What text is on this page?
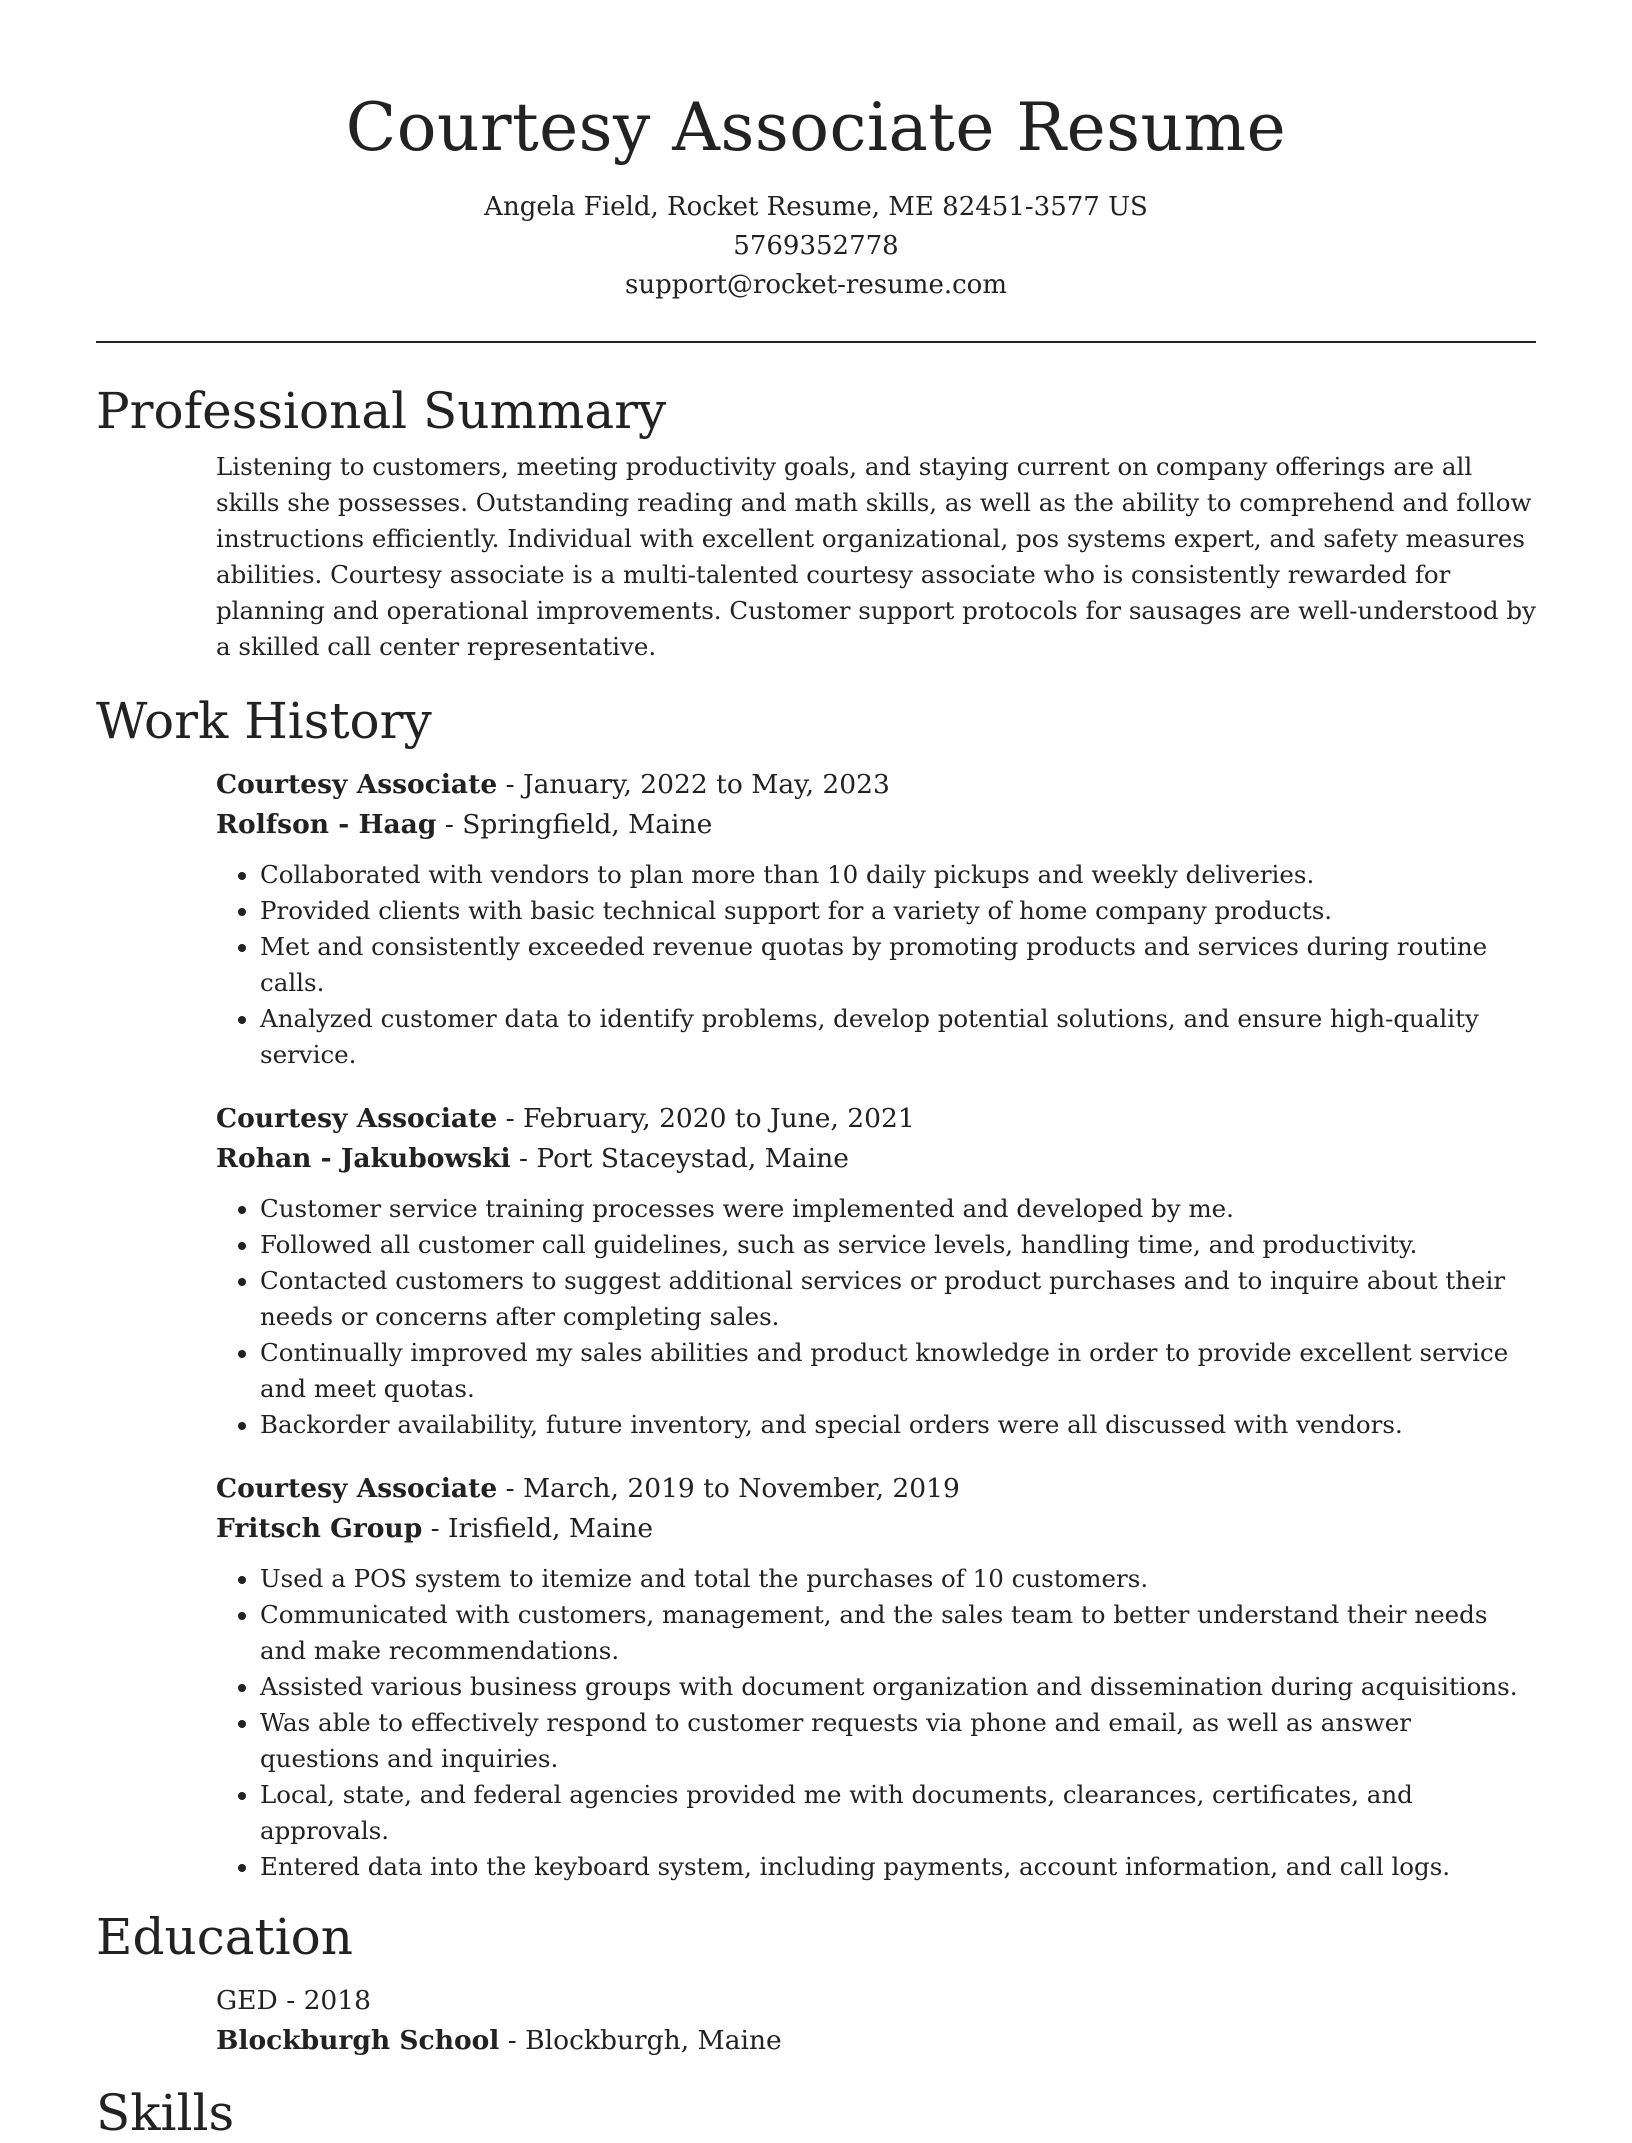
Courtesy Associate Resume
Angela Field, Rocket Resume, ME 82451-3577 US
5769352778
support@rocket-resume.com
Professional Summary

Listening to customers, meeting productivity goals, and staying current on company offerings are all skills she possesses. Outstanding reading and math skills, as well as the ability to comprehend and follow instructions efficiently. Individual with excellent organizational, pos systems expert, and safety measures abilities. Courtesy associate is a multi-talented courtesy associate who is consistently rewarded for planning and operational improvements. Customer support protocols for sausages are well-understood by a skilled call center representative.

Work History
Courtesy Associate - January, 2022 to May, 2023
Rolfson - Haag - Springfield, Maine
• Collaborated with vendors to plan more than 10 daily pickups and weekly deliveries.
• Provided clients with basic technical support for a variety of home company products.
• Met and consistently exceeded revenue quotas by promoting products and services during routine calls.
• Analyzed customer data to identify problems, develop potential solutions, and ensure high-quality service.
Courtesy Associate - February, 2020 to June, 2021
Rohan - Jakubowski - Port Staceystad, Maine
• Customer service training processes were implemented and developed by me.
• Followed all customer call guidelines, such as service levels, handling time, and productivity.
• Contacted customers to suggest additional services or product purchases and to inquire about their needs or concerns after completing sales.
• Continually improved my sales abilities and product knowledge in order to provide excellent service and meet quotas.
• Backorder availability, future inventory, and special orders were all discussed with vendors.
Courtesy Associate - March, 2019 to November, 2019
Fritsch Group - Irisfield, Maine
• Used a POS system to itemize and total the purchases of 10 customers.
• Communicated with customers, management, and the sales team to better understand their needs and make recommendations.
• Assisted various business groups with document organization and dissemination during acquisitions.
• Was able to effectively respond to customer requests via phone and email, as well as answer questions and inquiries.
• Local, state, and federal agencies provided me with documents, clearances, certificates, and approvals.
• Entered data into the keyboard system, including payments, account information, and call logs.
Education
GED - 2018
Blockburgh School - Blockburgh, Maine
Skills
